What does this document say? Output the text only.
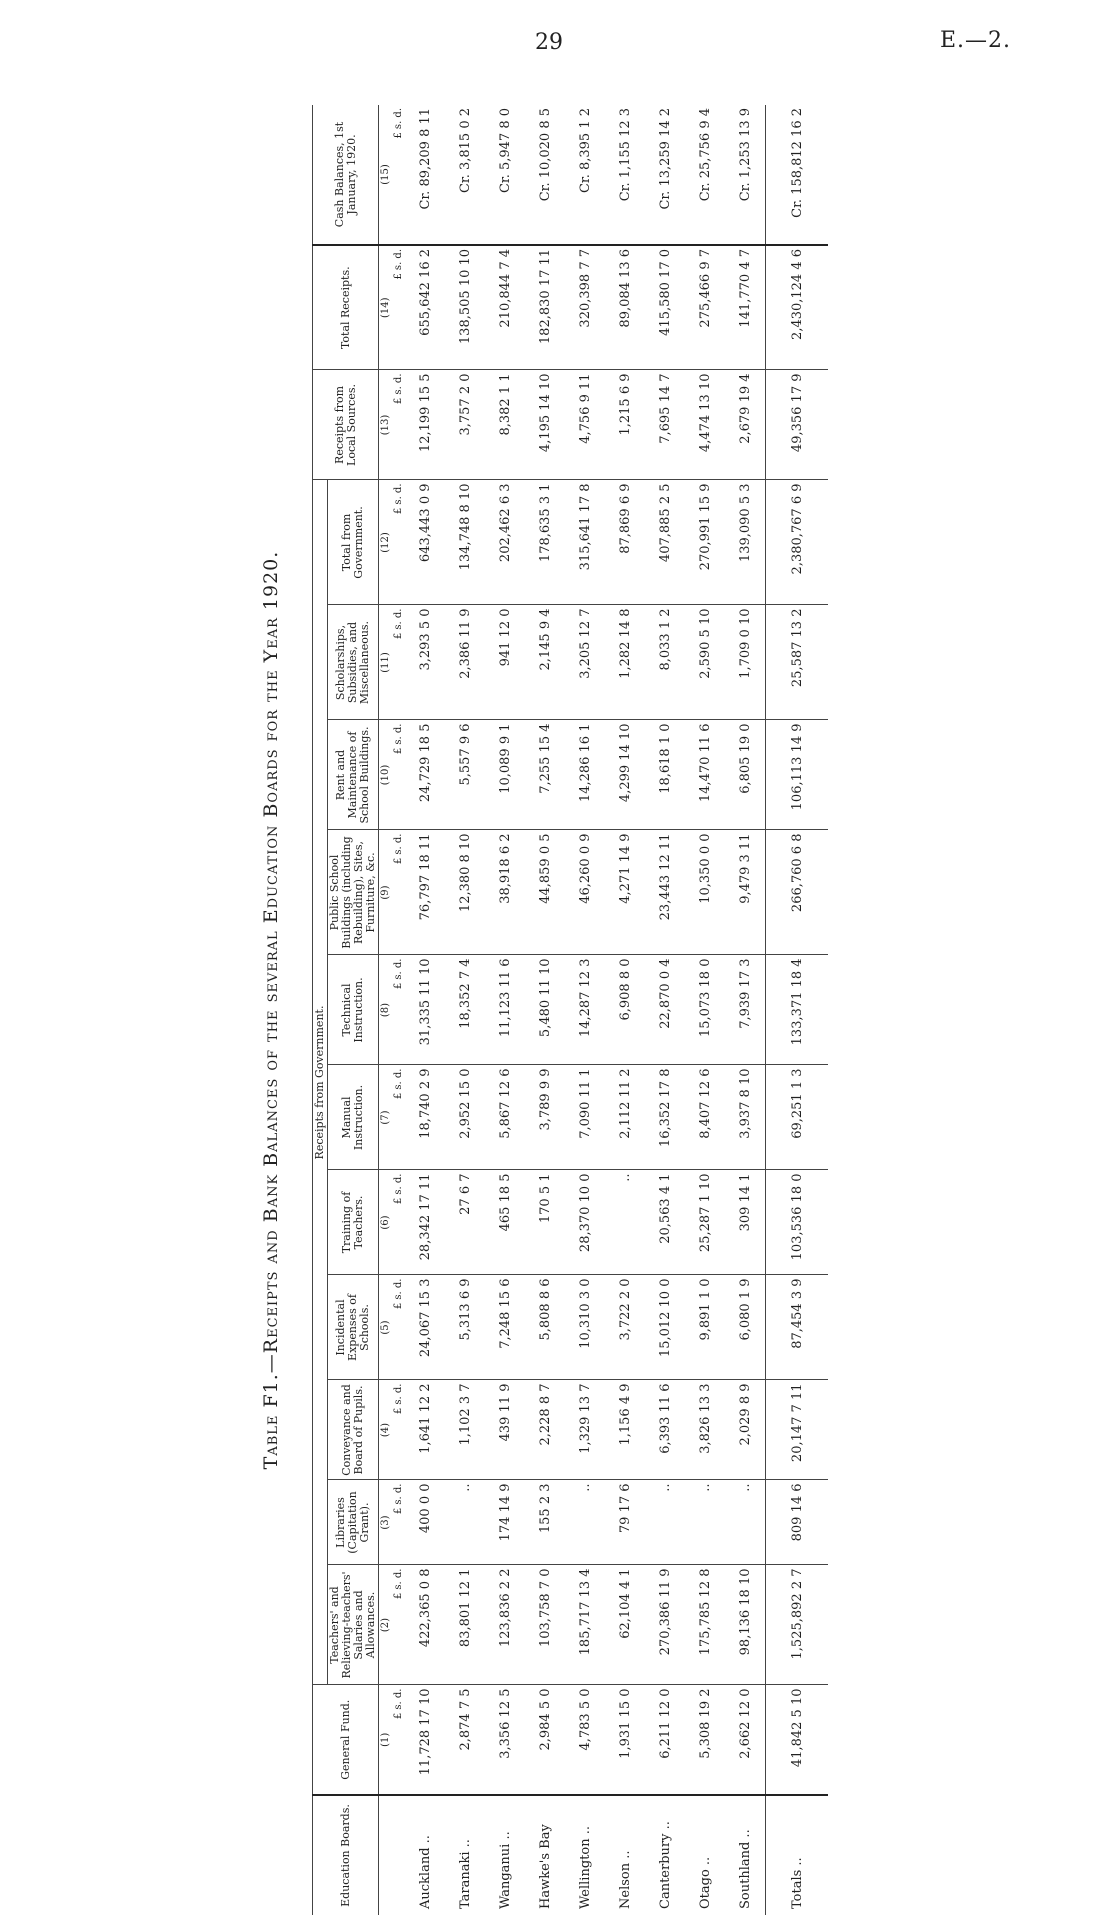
29	E.—2.
Table F1.—Receipts and Bank Balances of the several Education Boards for the Year 1920.
Education Boards.	General Fund.	Receipts from Government.											Receipts from Local Sources.	Total Receipts.	Cash Balances, 1st January, 1920.
		Teachers' and Relieving-teachers' Salaries and Allowances.	Libraries (Capitation Grant).	Conveyance and Board of Pupils.	Incidental Expenses of Schools.	Training of Teachers.	Manual Instruction.	Technical Instruction.	Public School Buildings (including Rebuilding), Sites, Furniture, &c.	Rent and Maintenance of School Buildings.	Scholarships, Subsidies, and Miscellaneous.	Total from Government.			
	(1)	(2)	(3)	(4)	(5)	(6)	(7)	(8)	(9)	(10)	(11)	(12)	(13)	(14)	(15)
	£ s. d.	£ s. d.	£ s. d.	£ s. d.	£ s. d.	£ s. d.	£ s. d.	£ s. d.	£ s. d.	£ s. d.	£ s. d.	£ s. d.	£ s. d.	£ s. d.	£ s. d.
Auckland ..	11,728 17 10	422,365 0 8	400 0 0	1,641 12 2	24,067 15 3	28,342 17 11	18,740 2 9	31,335 11 10	76,797 18 11	24,729 18 5	3,293 5 0	643,443 0 9	12,199 15 5	655,642 16 2	Cr. 89,209 8 11
Taranaki ..	2,874 7 5	83,801 12 1	..	1,102 3 7	5,313 6 9	27 6 7	2,952 15 0	18,352 7 4	12,380 8 10	5,557 9 6	2,386 11 9	134,748 8 10	3,757 2 0	138,505 10 10	Cr. 3,815 0 2
Wanganui ..	3,356 12 5	123,836 2 2	174 14 9	439 11 9	7,248 15 6	465 18 5	5,867 12 6	11,123 11 6	38,918 6 2	10,089 9 1	941 12 0	202,462 6 3	8,382 1 1	210,844 7 4	Cr. 5,947 8 0
Hawke's Bay	2,984 5 0	103,758 7 0	155 2 3	2,228 8 7	5,808 8 6	170 5 1	3,789 9 9	5,480 11 10	44,859 0 5	7,255 15 4	2,145 9 4	178,635 3 1	4,195 14 10	182,830 17 11	Cr. 10,020 8 5
Wellington ..	4,783 5 0	185,717 13 4	..	1,329 13 7	10,310 3 0	28,370 10 0	7,090 11 1	14,287 12 3	46,260 0 9	14,286 16 1	3,205 12 7	315,641 17 8	4,756 9 11	320,398 7 7	Cr. 8,395 1 2
Nelson ..	1,931 15 0	62,104 4 1	79 17 6	1,156 4 9	3,722 2 0	..	2,112 11 2	6,908 8 0	4,271 14 9	4,299 14 10	1,282 14 8	87,869 6 9	1,215 6 9	89,084 13 6	Cr. 1,155 12 3
Canterbury ..	6,211 12 0	270,386 11 9	..	6,393 11 6	15,012 10 0	20,563 4 1	16,352 17 8	22,870 0 4	23,443 12 11	18,618 1 0	8,033 1 2	407,885 2 5	7,695 14 7	415,580 17 0	Cr. 13,259 14 2
Otago ..	5,308 19 2	175,785 12 8	..	3,826 13 3	9,891 1 0	25,287 1 10	8,407 12 6	15,073 18 0	10,350 0 0	14,470 11 6	2,590 5 10	270,991 15 9	4,474 13 10	275,466 9 7	Cr. 25,756 9 4
Southland ..	2,662 12 0	98,136 18 10	..	2,029 8 9	6,080 1 9	309 14 1	3,937 8 10	7,939 17 3	9,479 3 11	6,805 19 0	1,709 0 10	139,090 5 3	2,679 19 4	141,770 4 7	Cr. 1,253 13 9
Totals ..	41,842 5 10	1,525,892 2 7	809 14 6	20,147 7 11	87,454 3 9	103,536 18 0	69,251 1 3	133,371 18 4	266,760 6 8	106,113 14 9	25,587 13 2	2,380,767 6 9	49,356 17 9	2,430,124 4 6	Cr. 158,812 16 2
